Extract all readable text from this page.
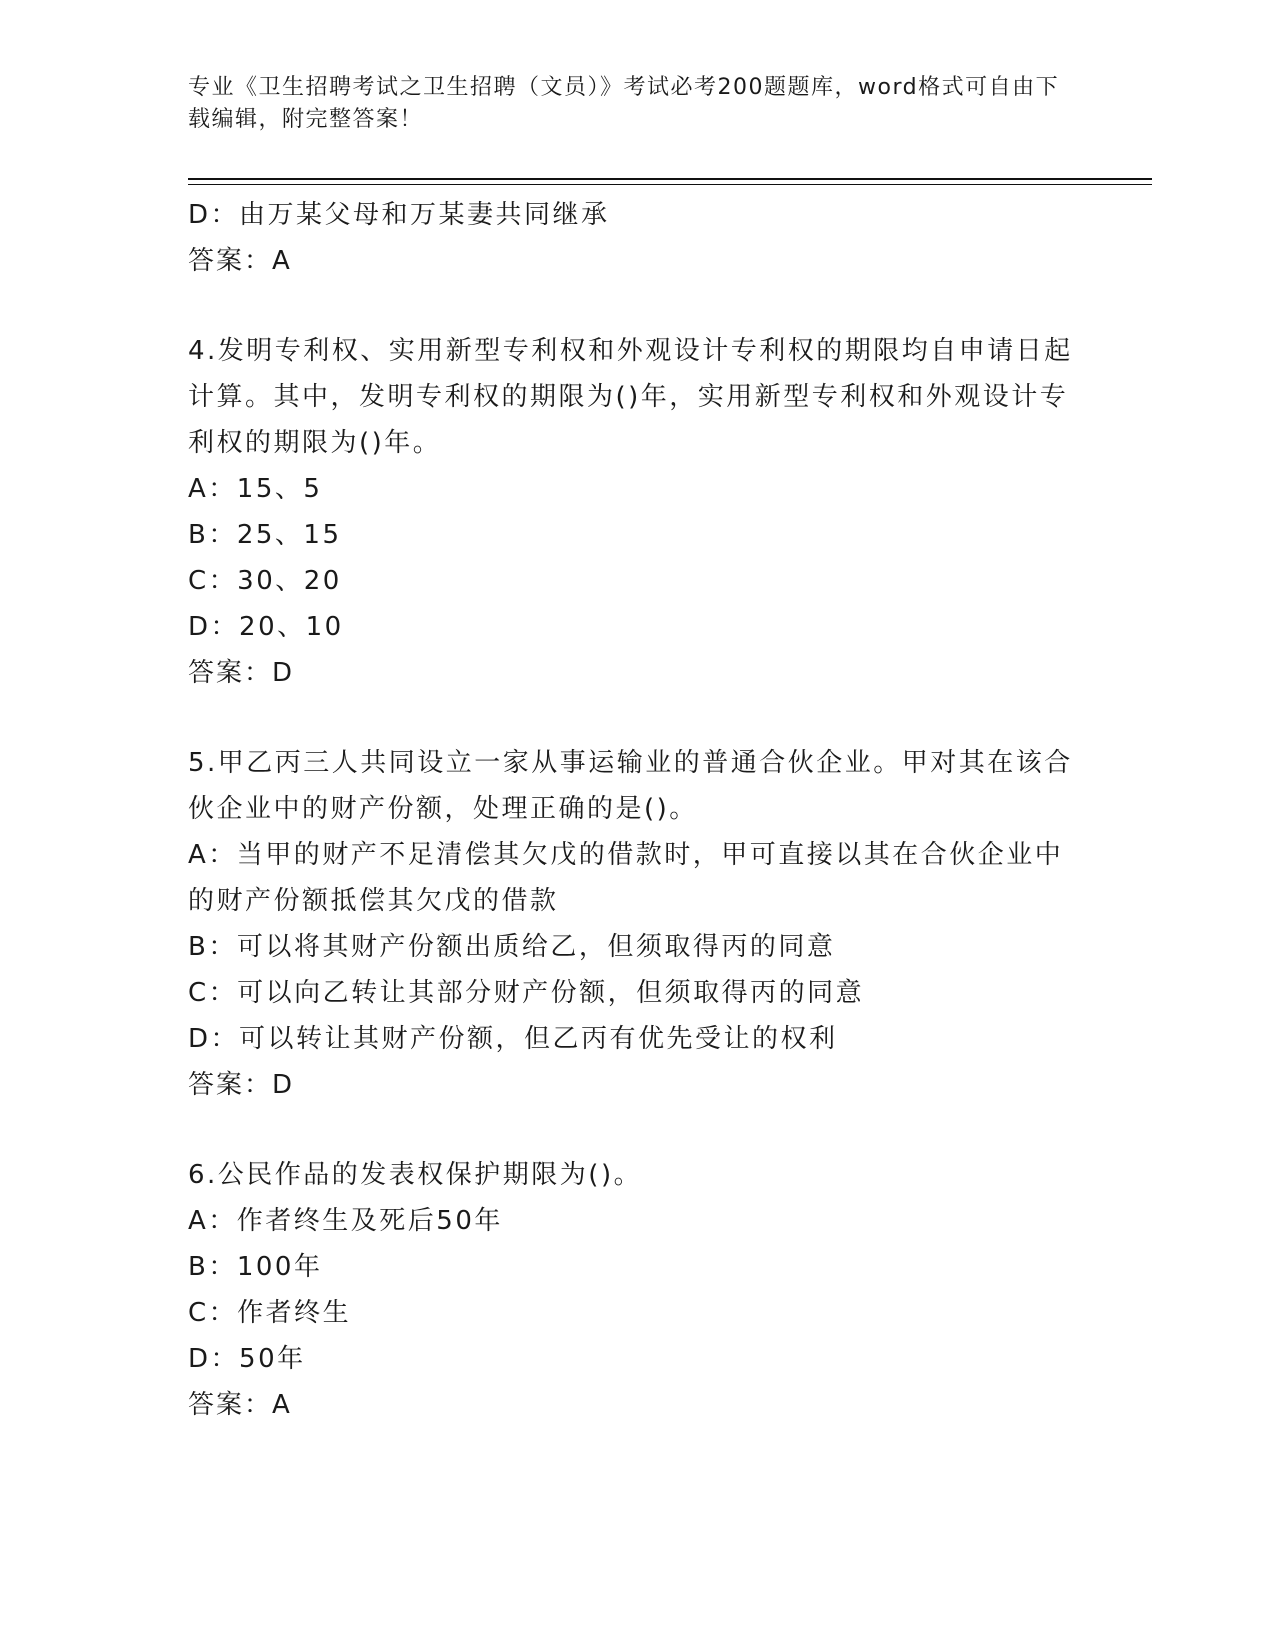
专业《卫生招聘考试之卫生招聘（文员）》考试必考200题题库，word格式可自由下载编辑，附完整答案！
D：由万某父母和万某妻共同继承
答案：A
4.发明专利权、实用新型专利权和外观设计专利权的期限均自申请日起计算。其中，发明专利权的期限为()年，实用新型专利权和外观设计专利权的期限为()年。
A：15、5
B：25、15
C：30、20
D：20、10
答案：D
5.甲乙丙三人共同设立一家从事运输业的普通合伙企业。甲对其在该合伙企业中的财产份额，处理正确的是()。
A：当甲的财产不足清偿其欠戊的借款时，甲可直接以其在合伙企业中的财产份额抵偿其欠戊的借款
B：可以将其财产份额出质给乙，但须取得丙的同意
C：可以向乙转让其部分财产份额，但须取得丙的同意
D：可以转让其财产份额，但乙丙有优先受让的权利
答案：D
6.公民作品的发表权保护期限为()。
A：作者终生及死后50年
B：100年
C：作者终生
D：50年
答案：A
